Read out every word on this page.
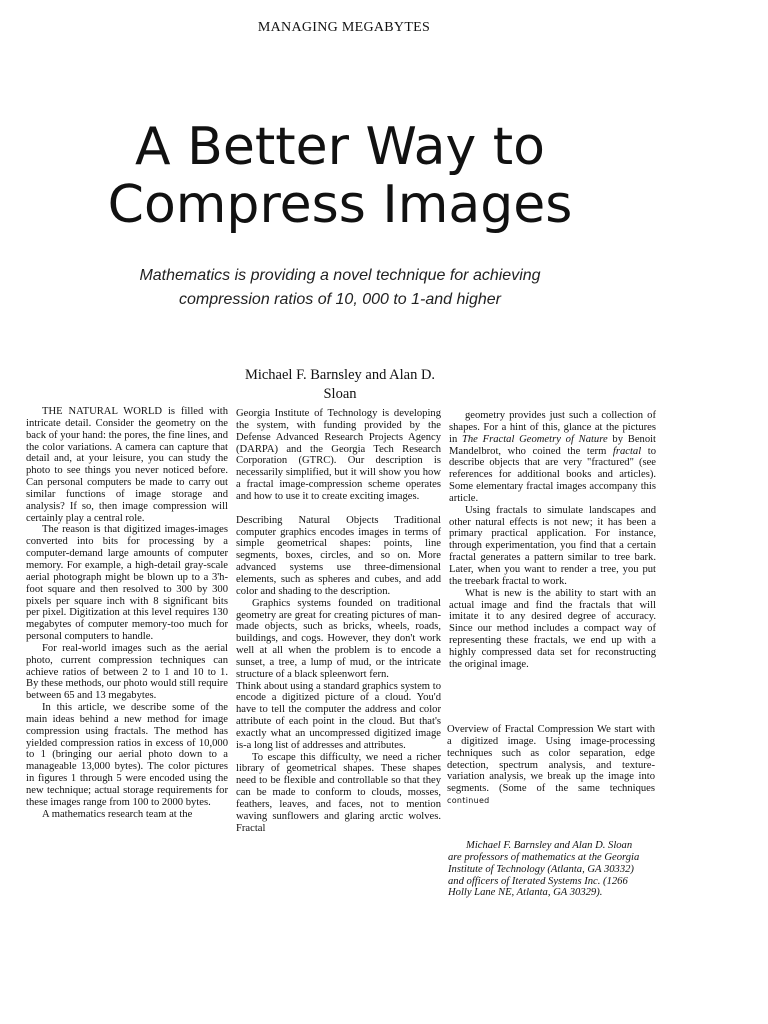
MANAGING MEGABYTES
A Better Way to
Compress Images
Mathematics is providing a novel technique for achieving
compression ratios of 10, 000 to 1-and higher
Michael F. Barnsley and Alan D. Sloan

THE NATURAL WORLD is filled with intricate detail. Consider the geometry on the back of your hand: the pores, the fine lines, and the color variations. A camera can capture that detail and, at your leisure, you can study the photo to see things you never noticed before. Can personal computers be made to carry out similar functions of image storage and analysis? If so, then image compression will certainly play a central role.

The reason is that digitized images-images converted into bits for processing by a computer-demand large amounts of computer memory. For example, a high-detail gray-scale aerial photograph might be blown up to a 3'h-foot square and then resolved to 300 by 300 pixels per square inch with 8 significant bits per pixel. Digitization at this level requires 130 megabytes of computer memory-too much for personal computers to handle.

For real-world images such as the aerial photo, current compression techniques can achieve ratios of between 2 to 1 and 10 to 1. By these methods, our photo would still require between 65 and 13 megabytes.

In this article, we describe some of the main ideas behind a new method for image compression using fractals. The method has yielded compression ratios in excess of 10,000 to 1 (bringing our aerial photo down to a manageable 13,000 bytes). The color pictures in figures 1 through 5 were encoded using the new technique; actual storage requirements for these images range from 100 to 2000 bytes.

A mathematics research team at the

Georgia Institute of Technology is developing the system, with funding provided by the Defense Advanced Research Projects Agency (DARPA) and the Georgia Tech Research Corporation (GTRC). Our description is necessarily simplified, but it will show you how a fractal image-compression scheme operates and how to use it to create exciting images.

Describing Natural Objects Traditional computer graphics encodes images in terms of simple geometrical shapes: points, line segments, boxes, circles, and so on. More advanced systems use three-dimensional elements, such as spheres and cubes, and add color and shading to the description.

Graphics systems founded on traditional geometry are great for creating pictures of man-made objects, such as bricks, wheels, roads, buildings, and cogs. However, they don't work well at all when the problem is to encode a sunset, a tree, a lump of mud, or the intricate structure of a black spleenwort fern.

Think about using a standard graphics system to encode a digitized picture of a cloud. You'd have to tell the computer the address and color attribute of each point in the cloud. But that's exactly what an uncompressed digitized image is-a long list of addresses and attributes.

To escape this difficulty, we need a richer library of geometrical shapes. These shapes need to be flexible and controllable so that they can be made to conform to clouds, mosses, feathers, leaves, and faces, not to mention waving sunflowers and glaring arctic wolves. Fractal

geometry provides just such a collection of shapes. For a hint of this, glance at the pictures in The Fractal Geometry of Nature by Benoit Mandelbrot, who coined the term fractal to describe objects that are very "fractured" (see references for additional books and articles). Some elementary fractal images accompany this article.

Using fractals to simulate landscapes and other natural effects is not new; it has been a primary practical application. For instance, through experimentation, you find that a certain fractal generates a pattern similar to tree bark. Later, when you want to render a tree, you put the treebark fractal to work.

What is new is the ability to start with an actual image and find the fractals that will imitate it to any desired degree of accuracy. Since our method includes a compact way of representing these fractals, we end up with a highly compressed data set for reconstructing the original image.

Overview of Fractal Compression We start with a digitized image. Using image-processing techniques such as color separation, edge detection, spectrum analysis, and texture-variation analysis, we break up the image into segments. (Some of the same techniques continued

Michael F. Barnsley and Alan D. Sloan are professors of mathematics at the Georgia Institute of Technology (Atlanta, GA 30332) and officers of Iterated Systems Inc. (1266 Holly Lane NE, Atlanta, GA 30329).
